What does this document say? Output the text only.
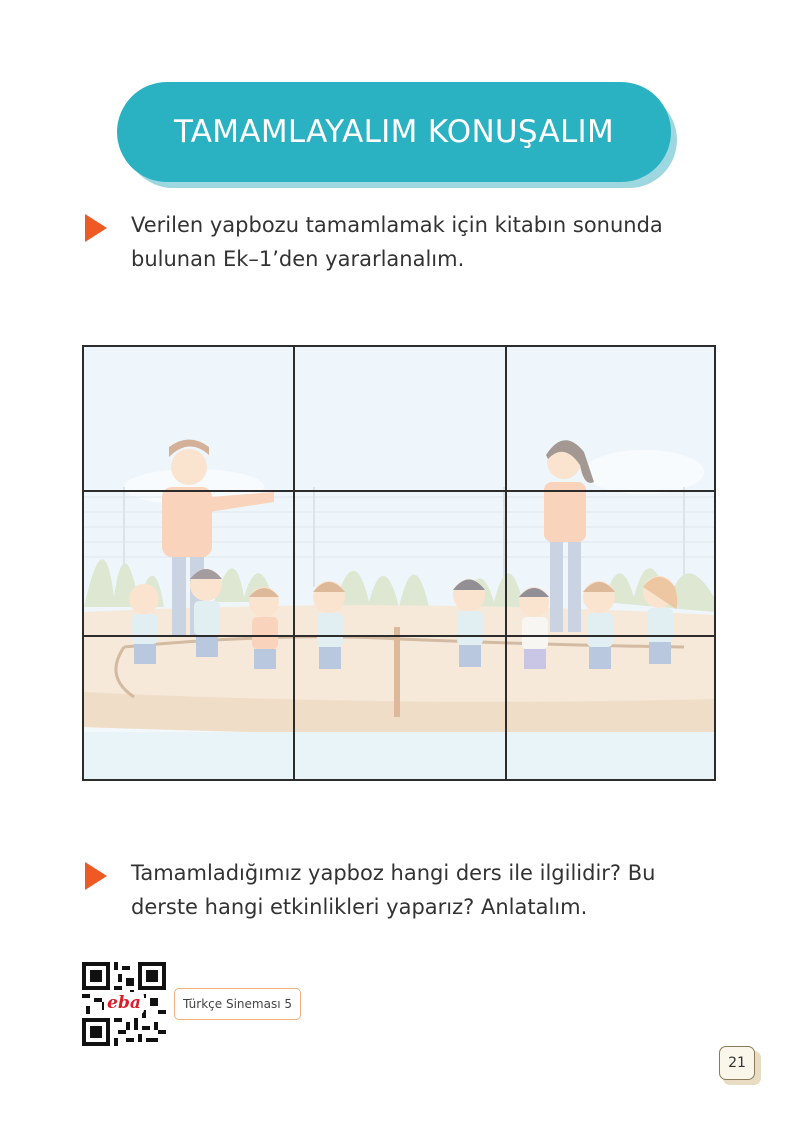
TAMAMLAYALIM KONUŞALIM
Verilen yapbozu tamamlamak için kitabın sonunda bulunan Ek–1’den yararlanalım.
Tamamladığımız yapboz hangi ders ile ilgilidir? Bu derste hangi etkinlikleri yaparız? Anlatalım.
eba	Türkçe Sineması 5
21
